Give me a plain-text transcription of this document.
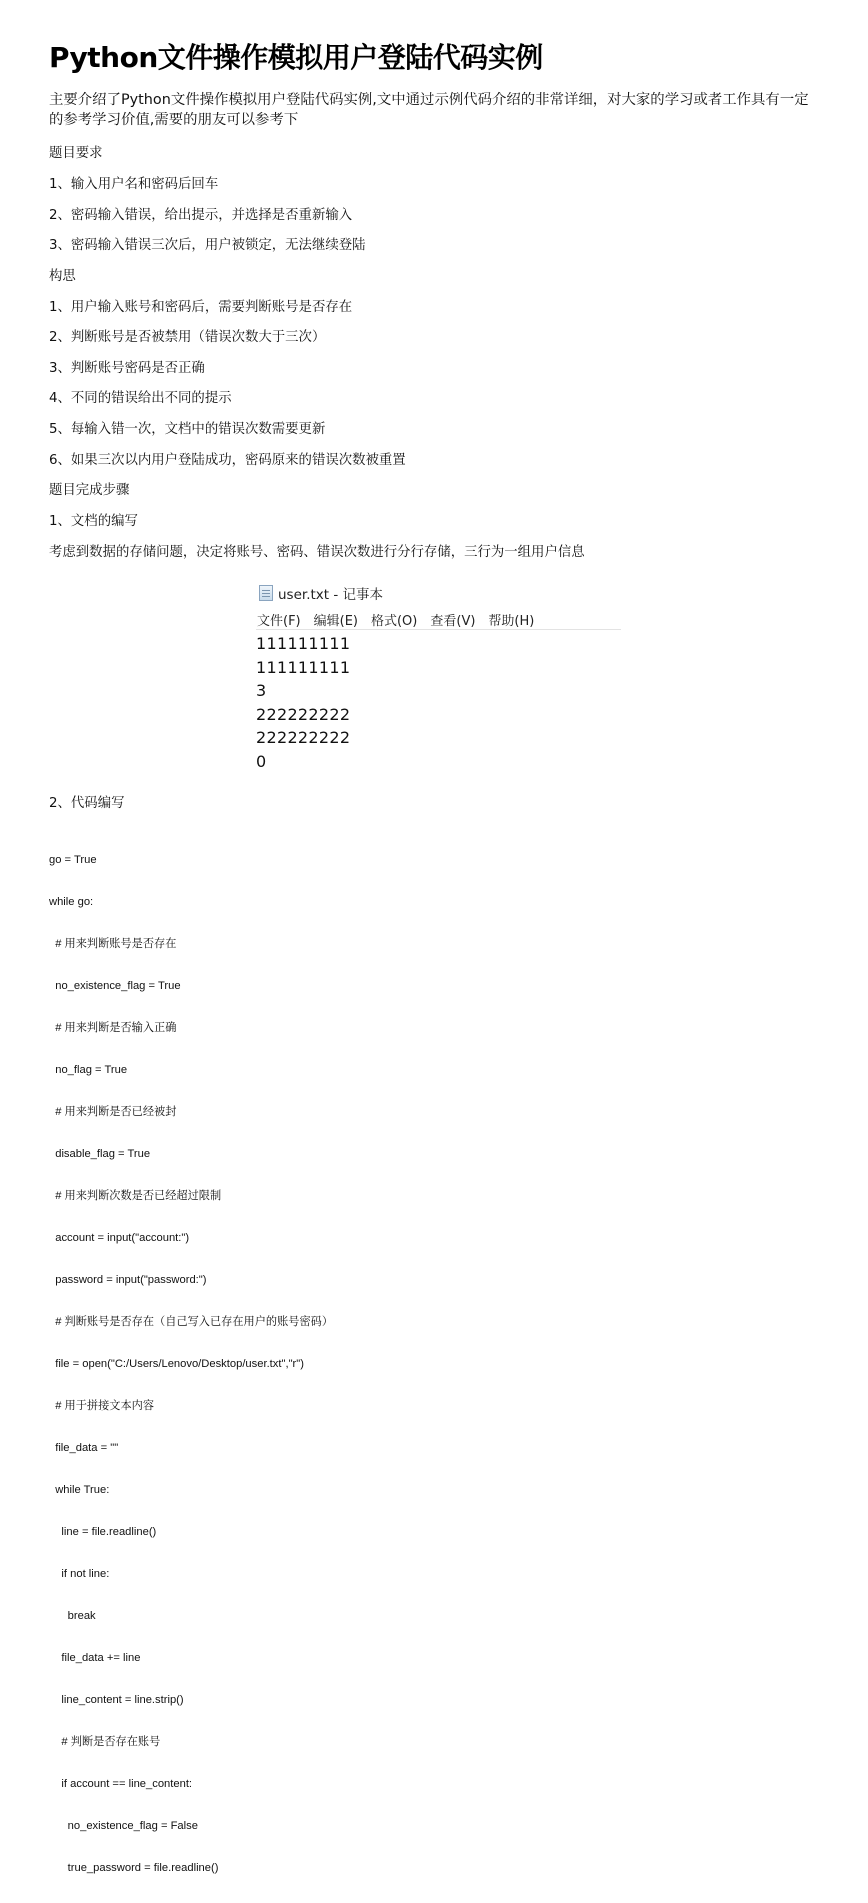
Python文件操作模拟用户登陆代码实例

主要介绍了Python文件操作模拟用户登陆代码实例,文中通过示例代码介绍的非常详细，对大家的学习或者工作具有一定的参考学习价值,需要的朋友可以参考下

题目要求

1、输入用户名和密码后回车

2、密码输入错误，给出提示，并选择是否重新输入

3、密码输入错误三次后，用户被锁定，无法继续登陆

构思

1、用户输入账号和密码后，需要判断账号是否存在

2、判断账号是否被禁用（错误次数大于三次）

3、判断账号密码是否正确

4、不同的错误给出不同的提示

5、每输入错一次，文档中的错误次数需要更新

6、如果三次以内用户登陆成功，密码原来的错误次数被重置

题目完成步骤

1、文档的编写

考虑到数据的存储问题，决定将账号、密码、错误次数进行分行存储，三行为一组用户信息

user.txt - 记事本
文件(F) 编辑(E) 格式(O) 查看(V) 帮助(H)
111111111
111111111
3
222222222
222222222
0

2、代码编写

go = True

while go:

# 用来判断账号是否存在

no_existence_flag = True

# 用来判断是否输入正确

no_flag = True

# 用来判断是否已经被封

disable_flag = True

# 用来判断次数是否已经超过限制

account = input("account:")

password = input("password:")

# 判断账号是否存在（自己写入已存在用户的账号密码）

file = open("C:/Users/Lenovo/Desktop/user.txt","r")

# 用于拼接文本内容

file_data = ""

while True:

line = file.readline()

if not line:

break

file_data += line

line_content = line.strip()

# 判断是否存在账号

if account == line_content:

no_existence_flag = False

true_password = file.readline()
